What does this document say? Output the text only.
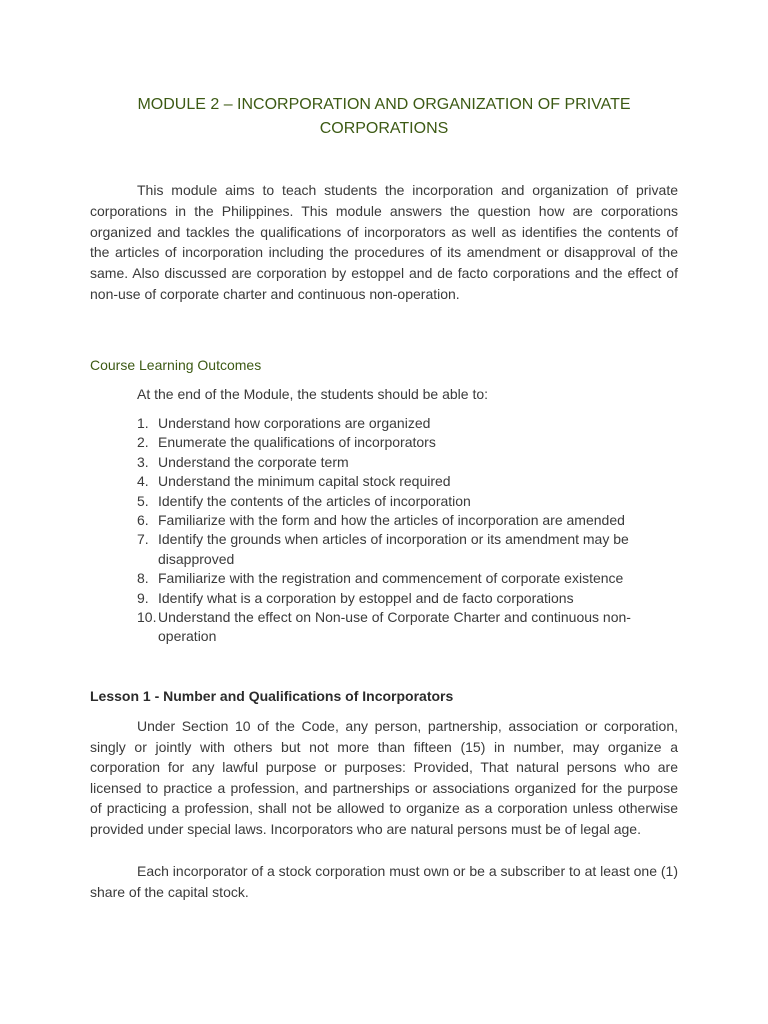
MODULE 2 – INCORPORATION AND ORGANIZATION OF PRIVATE CORPORATIONS

This module aims to teach students the incorporation and organization of private corporations in the Philippines. This module answers the question how are corporations organized and tackles the qualifications of incorporators as well as identifies the contents of the articles of incorporation including the procedures of its amendment or disapproval of the same. Also discussed are corporation by estoppel and de facto corporations and the effect of non-use of corporate charter and continuous non-operation.

Course Learning Outcomes
At the end of the Module, the students should be able to:
1. Understand how corporations are organized
2. Enumerate the qualifications of incorporators
3. Understand the corporate term
4. Understand the minimum capital stock required
5. Identify the contents of the articles of incorporation
6. Familiarize with the form and how the articles of incorporation are amended
7. Identify the grounds when articles of incorporation or its amendment may be disapproved
8. Familiarize with the registration and commencement of corporate existence
9. Identify what is a corporation by estoppel and de facto corporations
10. Understand the effect on Non-use of Corporate Charter and continuous non-operation
Lesson 1 - Number and Qualifications of Incorporators

Under Section 10 of the Code, any person, partnership, association or corporation, singly or jointly with others but not more than fifteen (15) in number, may organize a corporation for any lawful purpose or purposes: Provided, That natural persons who are licensed to practice a profession, and partnerships or associations organized for the purpose of practicing a profession, shall not be allowed to organize as a corporation unless otherwise provided under special laws. Incorporators who are natural persons must be of legal age.

Each incorporator of a stock corporation must own or be a subscriber to at least one (1) share of the capital stock.
